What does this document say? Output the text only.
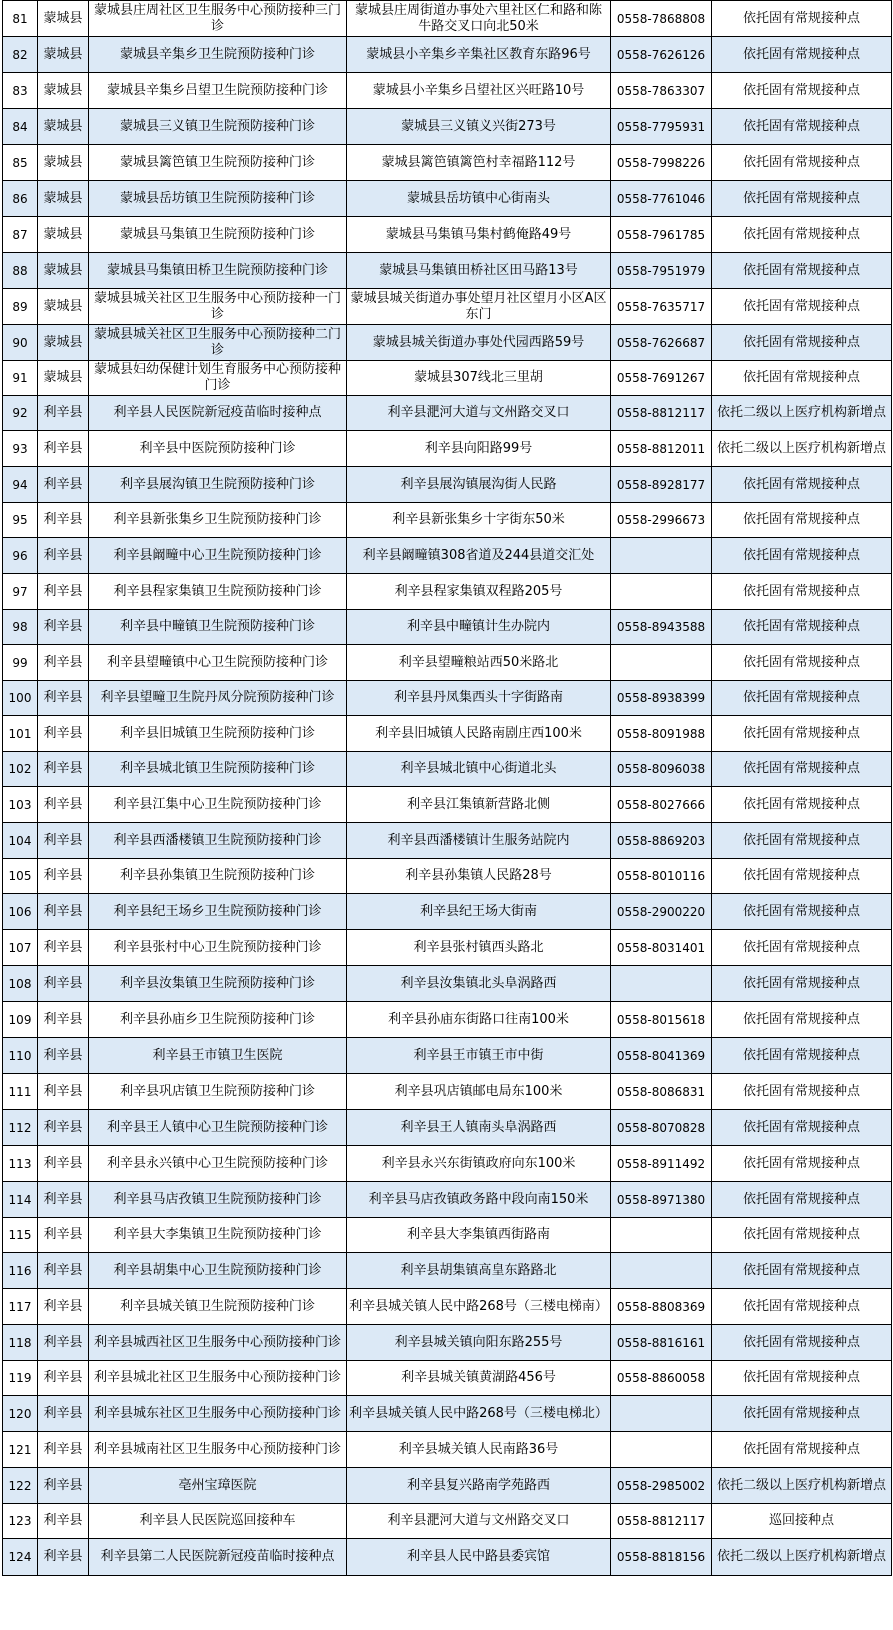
81	蒙城县	蒙城县庄周社区卫生服务中心预防接种三门诊	蒙城县庄周街道办事处六里社区仁和路和陈牛路交叉口向北50米	0558-7868808	依托固有常规接种点
82	蒙城县	蒙城县辛集乡卫生院预防接种门诊	蒙城县小辛集乡辛集社区教育东路96号	0558-7626126	依托固有常规接种点
83	蒙城县	蒙城县辛集乡吕望卫生院预防接种门诊	蒙城县小辛集乡吕望社区兴旺路10号	0558-7863307	依托固有常规接种点
84	蒙城县	蒙城县三义镇卫生院预防接种门诊	蒙城县三义镇义兴街273号	0558-7795931	依托固有常规接种点
85	蒙城县	蒙城县篱笆镇卫生院预防接种门诊	蒙城县篱笆镇篱笆村幸福路112号	0558-7998226	依托固有常规接种点
86	蒙城县	蒙城县岳坊镇卫生院预防接种门诊	蒙城县岳坊镇中心街南头	0558-7761046	依托固有常规接种点
87	蒙城县	蒙城县马集镇卫生院预防接种门诊	蒙城县马集镇马集村鹤俺路49号	0558-7961785	依托固有常规接种点
88	蒙城县	蒙城县马集镇田桥卫生院预防接种门诊	蒙城县马集镇田桥社区田马路13号	0558-7951979	依托固有常规接种点
89	蒙城县	蒙城县城关社区卫生服务中心预防接种一门诊	蒙城县城关街道办事处望月社区望月小区A区东门	0558-7635717	依托固有常规接种点
90	蒙城县	蒙城县城关社区卫生服务中心预防接种二门诊	蒙城县城关街道办事处代园西路59号	0558-7626687	依托固有常规接种点
91	蒙城县	蒙城县妇幼保健计划生育服务中心预防接种门诊	蒙城县307线北三里胡	0558-7691267	依托固有常规接种点
92	利辛县	利辛县人民医院新冠疫苗临时接种点	利辛县淝河大道与文州路交叉口	0558-8812117	依托二级以上医疗机构新增点
93	利辛县	利辛县中医院预防接种门诊	利辛县向阳路99号	0558-8812011	依托二级以上医疗机构新增点
94	利辛县	利辛县展沟镇卫生院预防接种门诊	利辛县展沟镇展沟街人民路	0558-8928177	依托固有常规接种点
95	利辛县	利辛县新张集乡卫生院预防接种门诊	利辛县新张集乡十字街东50米	0558-2996673	依托固有常规接种点
96	利辛县	利辛县阚疃中心卫生院预防接种门诊	利辛县阚疃镇308省道及244县道交汇处		依托固有常规接种点
97	利辛县	利辛县程家集镇卫生院预防接种门诊	利辛县程家集镇双程路205号		依托固有常规接种点
98	利辛县	利辛县中疃镇卫生院预防接种门诊	利辛县中疃镇计生办院内	0558-8943588	依托固有常规接种点
99	利辛县	利辛县望疃镇中心卫生院预防接种门诊	利辛县望疃粮站西50米路北		依托固有常规接种点
100	利辛县	利辛县望疃卫生院丹凤分院预防接种门诊	利辛县丹凤集西头十字街路南	0558-8938399	依托固有常规接种点
101	利辛县	利辛县旧城镇卫生院预防接种门诊	利辛县旧城镇人民路南剧庄西100米	0558-8091988	依托固有常规接种点
102	利辛县	利辛县城北镇卫生院预防接种门诊	利辛县城北镇中心街道北头	0558-8096038	依托固有常规接种点
103	利辛县	利辛县江集中心卫生院预防接种门诊	利辛县江集镇新营路北侧	0558-8027666	依托固有常规接种点
104	利辛县	利辛县西潘楼镇卫生院预防接种门诊	利辛县西潘楼镇计生服务站院内	0558-8869203	依托固有常规接种点
105	利辛县	利辛县孙集镇卫生院预防接种门诊	利辛县孙集镇人民路28号	0558-8010116	依托固有常规接种点
106	利辛县	利辛县纪王场乡卫生院预防接种门诊	利辛县纪王场大街南	0558-2900220	依托固有常规接种点
107	利辛县	利辛县张村中心卫生院预防接种门诊	利辛县张村镇西头路北	0558-8031401	依托固有常规接种点
108	利辛县	利辛县汝集镇卫生院预防接种门诊	利辛县汝集镇北头阜涡路西		依托固有常规接种点
109	利辛县	利辛县孙庙乡卫生院预防接种门诊	利辛县孙庙东街路口往南100米	0558-8015618	依托固有常规接种点
110	利辛县	利辛县王市镇卫生医院	利辛县王市镇王市中街	0558-8041369	依托固有常规接种点
111	利辛县	利辛县巩店镇卫生院预防接种门诊	利辛县巩店镇邮电局东100米	0558-8086831	依托固有常规接种点
112	利辛县	利辛县王人镇中心卫生院预防接种门诊	利辛县王人镇南头阜涡路西	0558-8070828	依托固有常规接种点
113	利辛县	利辛县永兴镇中心卫生院预防接种门诊	利辛县永兴东街镇政府向东100米	0558-8911492	依托固有常规接种点
114	利辛县	利辛县马店孜镇卫生院预防接种门诊	利辛县马店孜镇政务路中段向南150米	0558-8971380	依托固有常规接种点
115	利辛县	利辛县大李集镇卫生院预防接种门诊	利辛县大李集镇西街路南		依托固有常规接种点
116	利辛县	利辛县胡集中心卫生院预防接种门诊	利辛县胡集镇高皇东路路北		依托固有常规接种点
117	利辛县	利辛县城关镇卫生院预防接种门诊	利辛县城关镇人民中路268号（三楼电梯南）	0558-8808369	依托固有常规接种点
118	利辛县	利辛县城西社区卫生服务中心预防接种门诊	利辛县城关镇向阳东路255号	0558-8816161	依托固有常规接种点
119	利辛县	利辛县城北社区卫生服务中心预防接种门诊	利辛县城关镇黄湖路456号	0558-8860058	依托固有常规接种点
120	利辛县	利辛县城东社区卫生服务中心预防接种门诊	利辛县城关镇人民中路268号（三楼电梯北）		依托固有常规接种点
121	利辛县	利辛县城南社区卫生服务中心预防接种门诊	利辛县城关镇人民南路36号		依托固有常规接种点
122	利辛县	亳州宝璋医院	利辛县复兴路南学苑路西	0558-2985002	依托二级以上医疗机构新增点
123	利辛县	利辛县人民医院巡回接种车	利辛县淝河大道与文州路交叉口	0558-8812117	巡回接种点
124	利辛县	利辛县第二人民医院新冠疫苗临时接种点	利辛县人民中路县委宾馆	0558-8818156	依托二级以上医疗机构新增点
